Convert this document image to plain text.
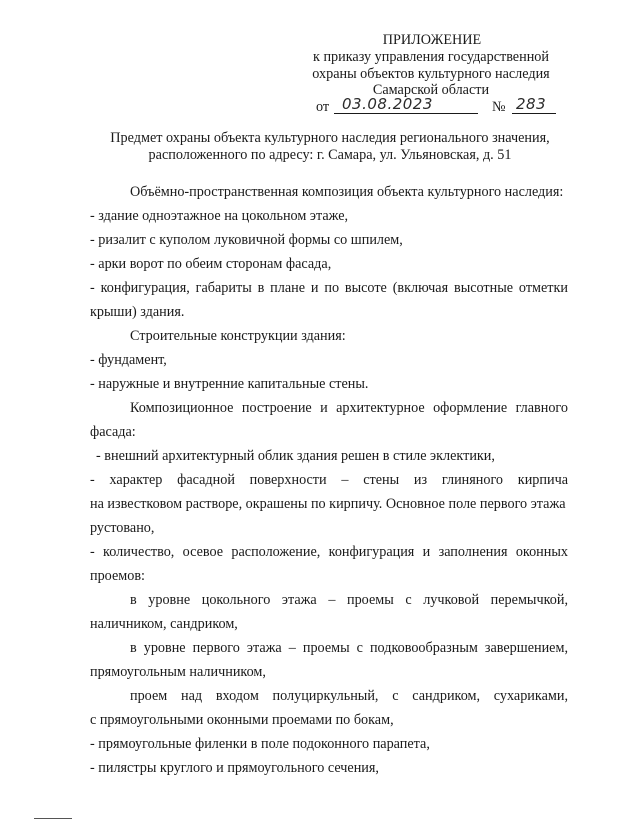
ПРИЛОЖЕНИЕ
к приказу управления государственной
охраны объектов культурного наследия
Самарской области
от 03.08.2023	№ 283
Предмет охраны объекта культурного наследия регионального значения,
расположенного по адресу: г. Самара, ул. Ульяновская, д. 51
Объёмно-пространственная композиция объекта культурного наследия:
- здание одноэтажное на цокольном этаже,
- ризалит с куполом луковичной формы со шпилем,
- арки ворот по обеим сторонам фасада,
- конфигурация, габариты в плане и по высоте (включая высотные отметки
крыши) здания.
Строительные конструкции здания:
- фундамент,
- наружные и внутренние капитальные стены.
Композиционное построение и архитектурное оформление главного
фасада:
- внешний архитектурный облик здания решен в стиле эклектики,
- характер фасадной поверхности – стены из глиняного кирпича
на известковом растворе, окрашены по кирпичу. Основное поле первого этажа
рустовано,
- количество, осевое расположение, конфигурация и заполнения оконных
проемов:
в уровне цокольного этажа – проемы с лучковой перемычкой,
наличником, сандриком,
в уровне первого этажа – проемы с подковообразным завершением,
прямоугольным наличником,
проем над входом полуциркульный, с сандриком, сухариками,
с прямоугольными оконными проемами по бокам,
- прямоугольные филенки в поле подоконного парапета,
- пилястры круглого и прямоугольного сечения,
